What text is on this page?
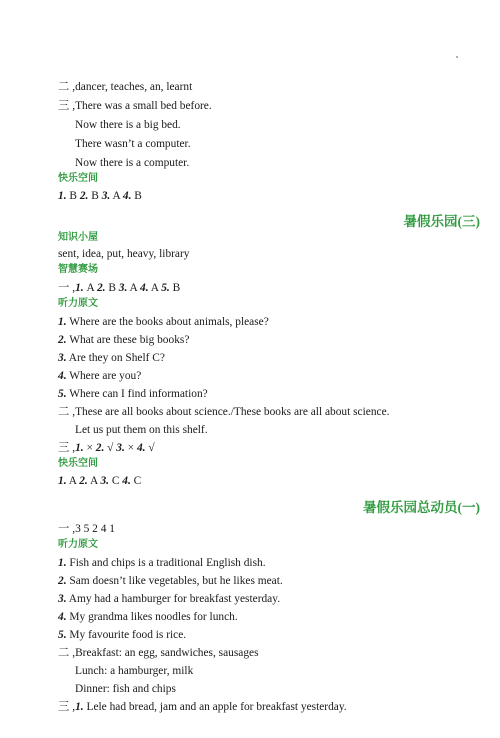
二 ,dancer, teaches, an, learnt
三 ,There was a small bed before.
Now there is a big bed.
There wasn’t a computer.
Now there is a computer.
快乐空间
1. B 2. B 3. A 4. B
暑假乐园(三)
知识小屋
sent, idea, put, heavy, library
智慧赛场
一 ,1. A 2. B 3. A 4. A 5. B
听力原文
1. Where are the books about animals, please?
2. What are these big books?
3. Are they on Shelf C?
4. Where are you?
5. Where can I find information?
二 ,These are all books about science./These books are all about science.
Let us put them on this shelf.
三 ,1. × 2. √ 3. × 4. √
快乐空间
1. A 2. A 3. C 4. C
暑假乐园总动员(一)
一 ,3 5 2 4 1
听力原文
1. Fish and chips is a traditional English dish.
2. Sam doesn’t like vegetables, but he likes meat.
3. Amy had a hamburger for breakfast yesterday.
4. My grandma likes noodles for lunch.
5. My favourite food is rice.
二 ,Breakfast: an egg, sandwiches, sausages
Lunch: a hamburger, milk
Dinner: fish and chips
三 ,1. Lele had bread, jam and an apple for breakfast yesterday.
